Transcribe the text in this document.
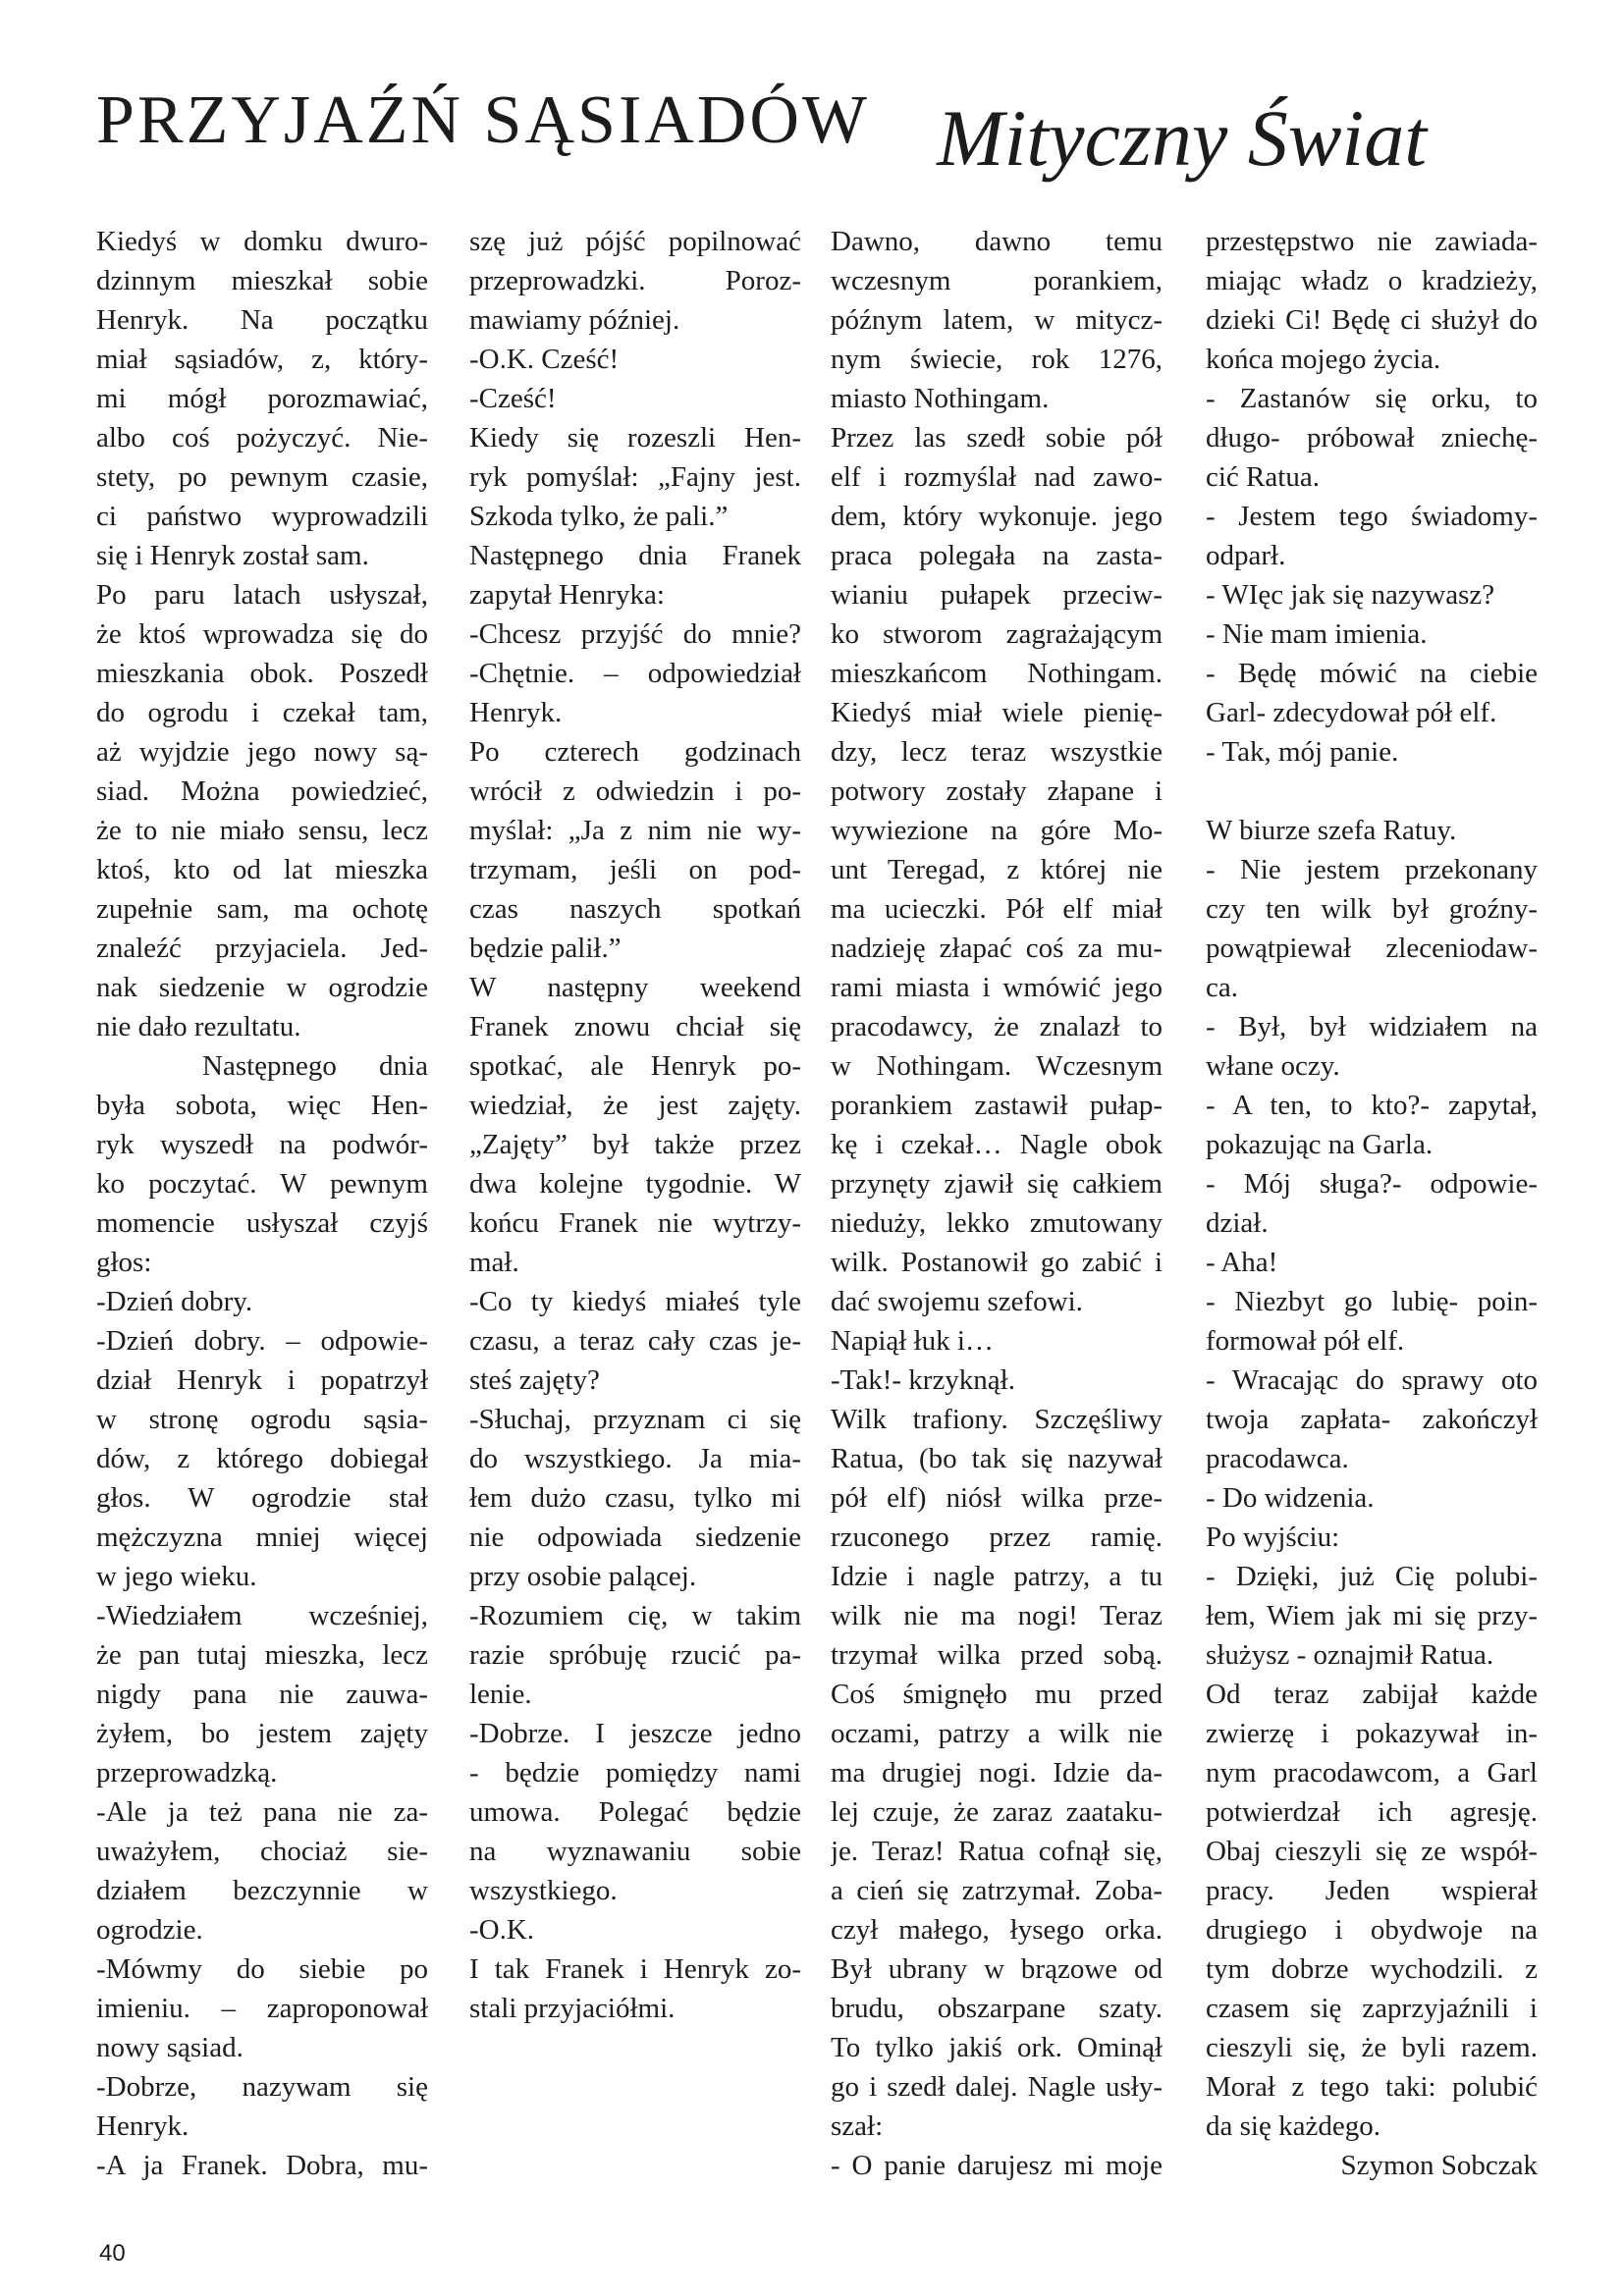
PRZYJAŹŃ SĄSIADÓW Mityczny Świat
Kiedyś w domku dwuro-
dzinnym mieszkał sobie
Henryk. Na początku
miał sąsiadów, z, który-
mi mógł porozmawiać,
albo coś pożyczyć. Nie-
stety, po pewnym czasie,
ci państwo wyprowadzili
się i Henryk został sam.
Po paru latach usłyszał,
że ktoś wprowadza się do
mieszkania obok. Poszedł
do ogrodu i czekał tam,
aż wyjdzie jego nowy są-
siad. Można powiedzieć,
że to nie miało sensu, lecz
ktoś, kto od lat mieszka
zupełnie sam, ma ochotę
znaleźć przyjaciela. Jed-
nak siedzenie w ogrodzie
nie dało rezultatu.
Następnego dnia
była sobota, więc Hen-
ryk wyszedł na podwór-
ko poczytać. W pewnym
momencie usłyszał czyjś
głos:
-Dzień dobry.
-Dzień dobry. – odpowie-
dział Henryk i popatrzył
w stronę ogrodu sąsia-
dów, z którego dobiegał
głos. W ogrodzie stał
mężczyzna mniej więcej
w jego wieku.
-Wiedziałem wcześniej,
że pan tutaj mieszka, lecz
nigdy pana nie zauwa-
żyłem, bo jestem zajęty
przeprowadzką.
-Ale ja też pana nie za-
uważyłem, chociaż sie-
działem bezczynnie w
ogrodzie.
-Mówmy do siebie po
imieniu. – zaproponował
nowy sąsiad.
-Dobrze, nazywam się
Henryk.
-A ja Franek. Dobra, mu-
szę już pójść popilnować
przeprowadzki. Poroz-
mawiamy później.
-O.K. Cześć!
-Cześć!
Kiedy się rozeszli Hen-
ryk pomyślał: „Fajny jest.
Szkoda tylko, że pali.”
Następnego dnia Franek
zapytał Henryka:
-Chcesz przyjść do mnie?
-Chętnie. – odpowiedział
Henryk.
Po czterech godzinach
wrócił z odwiedzin i po-
myślał: „Ja z nim nie wy-
trzymam, jeśli on pod-
czas naszych spotkań
będzie palił.”
W następny weekend
Franek znowu chciał się
spotkać, ale Henryk po-
wiedział, że jest zajęty.
„Zajęty” był także przez
dwa kolejne tygodnie. W
końcu Franek nie wytrzy-
mał.
-Co ty kiedyś miałeś tyle
czasu, a teraz cały czas je-
steś zajęty?
-Słuchaj, przyznam ci się
do wszystkiego. Ja mia-
łem dużo czasu, tylko mi
nie odpowiada siedzenie
przy osobie palącej.
-Rozumiem cię, w takim
razie spróbuję rzucić pa-
lenie.
-Dobrze. I jeszcze jedno
- będzie pomiędzy nami
umowa. Polegać będzie
na wyznawaniu sobie
wszystkiego.
-O.K.
I tak Franek i Henryk zo-
stali przyjaciółmi.
Dawno, dawno temu
wczesnym porankiem,
późnym latem, w mitycz-
nym świecie, rok 1276,
miasto Nothingam.
Przez las szedł sobie pół
elf i rozmyślał nad zawo-
dem, który wykonuje. jego
praca polegała na zasta-
wianiu pułapek przeciw-
ko stworom zagrażającym
mieszkańcom Nothingam.
Kiedyś miał wiele pienię-
dzy, lecz teraz wszystkie
potwory zostały złapane i
wywiezione na góre Mo-
unt Teregad, z której nie
ma ucieczki. Pół elf miał
nadzieję złapać coś za mu-
rami miasta i wmówić jego
pracodawcy, że znalazł to
w Nothingam. Wczesnym
porankiem zastawił pułap-
kę i czekał… Nagle obok
przynęty zjawił się całkiem
nieduży, lekko zmutowany
wilk. Postanowił go zabić i
dać swojemu szefowi.
Napiął łuk i…
-Tak!- krzyknął.
Wilk trafiony. Szczęśliwy
Ratua, (bo tak się nazywał
pół elf) niósł wilka prze-
rzuconego przez ramię.
Idzie i nagle patrzy, a tu
wilk nie ma nogi! Teraz
trzymał wilka przed sobą.
Coś śmignęło mu przed
oczami, patrzy a wilk nie
ma drugiej nogi. Idzie da-
lej czuje, że zaraz zaataku-
je. Teraz! Ratua cofnął się,
a cień się zatrzymał. Zoba-
czył małego, łysego orka.
Był ubrany w brązowe od
brudu, obszarpane szaty.
To tylko jakiś ork. Ominął
go i szedł dalej. Nagle usły-
szał:
- O panie darujesz mi moje
przestępstwo nie zawiada-
miając władz o kradzieży,
dzieki Ci! Będę ci służył do
końca mojego życia.
- Zastanów się orku, to
długo- próbował zniechę-
cić Ratua.
- Jestem tego świadomy-
odparł.
- WIęc jak się nazywasz?
- Nie mam imienia.
- Będę mówić na ciebie
Garl- zdecydował pół elf.
- Tak, mój panie.
W biurze szefa Ratuy.
- Nie jestem przekonany
czy ten wilk był groźny-
powątpiewał zleceniodaw-
ca.
- Był, był widziałem na
włane oczy.
- A ten, to kto?- zapytał,
pokazując na Garla.
- Mój sługa?- odpowie-
dział.
- Aha!
- Niezbyt go lubię- poin-
formował pół elf.
- Wracając do sprawy oto
twoja zapłata- zakończył
pracodawca.
- Do widzenia.
Po wyjściu:
- Dzięki, już Cię polubi-
łem, Wiem jak mi się przy-
służysz - oznajmił Ratua.
Od teraz zabijał każde
zwierzę i pokazywał in-
nym pracodawcom, a Garl
potwierdzał ich agresję.
Obaj cieszyli się ze współ-
pracy. Jeden wspierał
drugiego i obydwoje na
tym dobrze wychodzili. z
czasem się zaprzyjaźnili i
cieszyli się, że byli razem.
Morał z tego taki: polubić
da się każdego.
Szymon Sobczak
40
